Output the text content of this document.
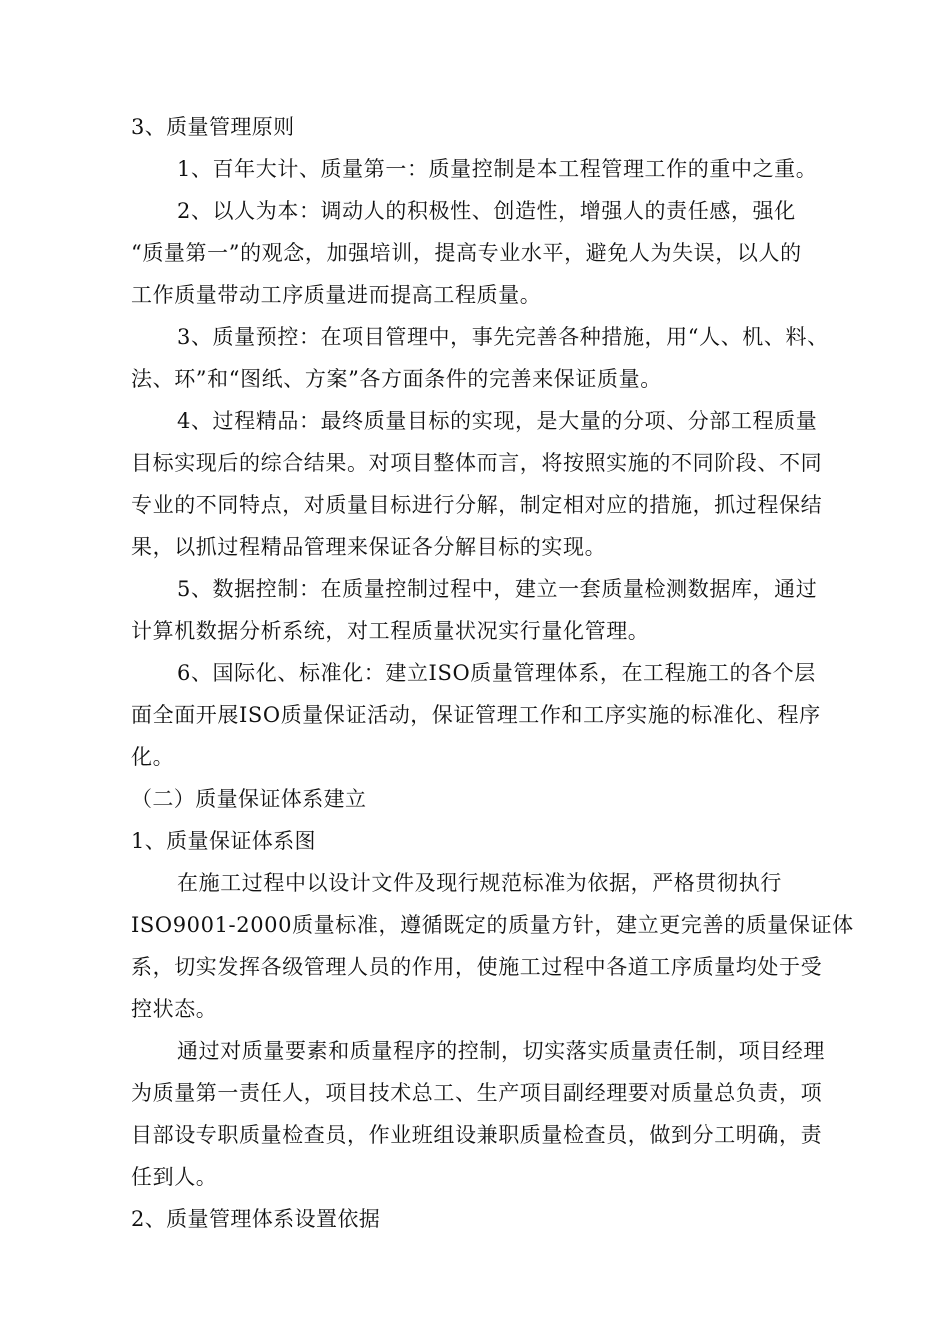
3、质量管理原则
1、百年大计、质量第一：质量控制是本工程管理工作的重中之重。
2、以人为本：调动人的积极性、创造性，增强人的责任感，强化
“质量第一”的观念，加强培训，提高专业水平，避免人为失误，以人的
工作质量带动工序质量进而提高工程质量。
3、质量预控：在项目管理中，事先完善各种措施，用“人、机、料、
法、环”和“图纸、方案”各方面条件的完善来保证质量。
4、过程精品：最终质量目标的实现，是大量的分项、分部工程质量
目标实现后的综合结果。对项目整体而言，将按照实施的不同阶段、不同
专业的不同特点，对质量目标进行分解，制定相对应的措施，抓过程保结
果，以抓过程精品管理来保证各分解目标的实现。
5、数据控制：在质量控制过程中，建立一套质量检测数据库，通过
计算机数据分析系统，对工程质量状况实行量化管理。
6、国际化、标准化：建立ISO质量管理体系，在工程施工的各个层
面全面开展ISO质量保证活动，保证管理工作和工序实施的标准化、程序
化。
（二）质量保证体系建立
1、质量保证体系图
在施工过程中以设计文件及现行规范标准为依据，严格贯彻执行
ISO9001-2000质量标准，遵循既定的质量方针，建立更完善的质量保证体
系，切实发挥各级管理人员的作用，使施工过程中各道工序质量均处于受
控状态。
通过对质量要素和质量程序的控制，切实落实质量责任制，项目经理
为质量第一责任人，项目技术总工、生产项目副经理要对质量总负责，项
目部设专职质量检查员，作业班组设兼职质量检查员，做到分工明确，责
任到人。
2、质量管理体系设置依据
